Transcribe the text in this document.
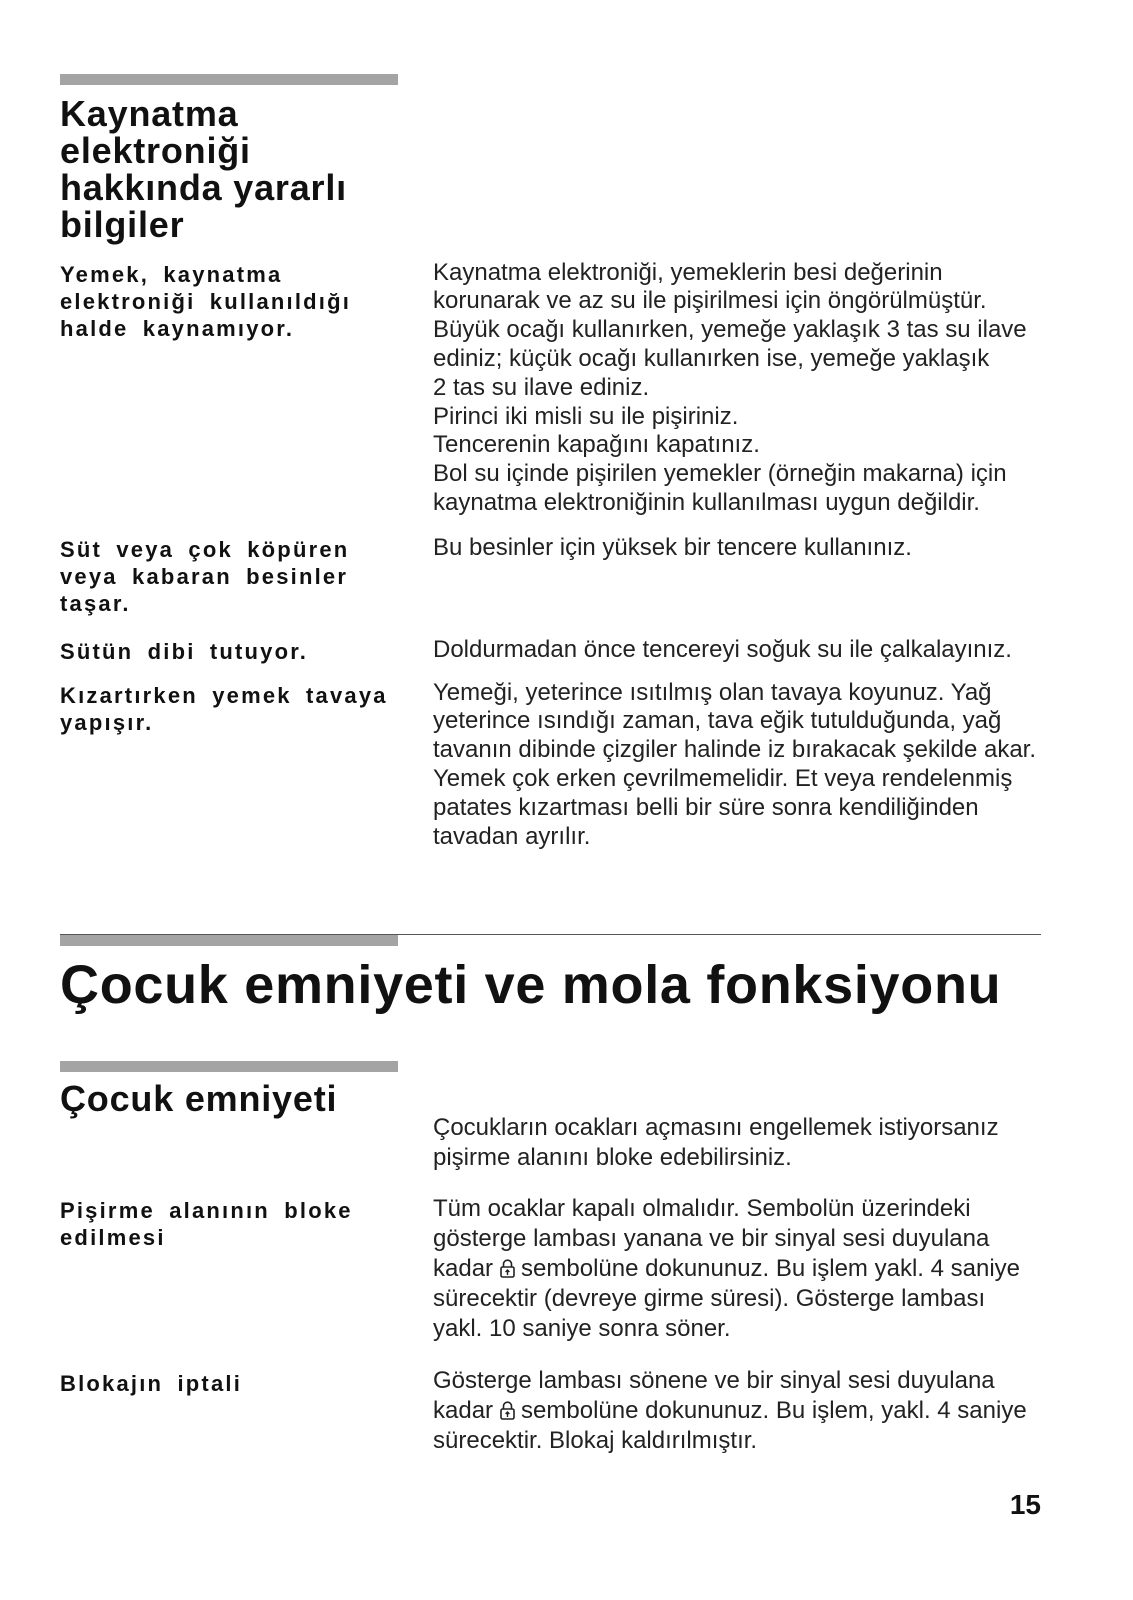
Kaynatma
elektroniği
hakkında yararlı
bilgiler
Yemek, kaynatma
elektroniği kullanıldığı
halde kaynamıyor.
Kaynatma elektroniği, yemeklerin besi değerinin
korunarak ve az su ile pişirilmesi için öngörülmüştür.
Büyük ocağı kullanırken, yemeğe yaklaşık 3 tas su ilave
ediniz; küçük ocağı kullanırken ise, yemeğe yaklaşık
2 tas su ilave ediniz.
Pirinci iki misli su ile pişiriniz.
Tencerenin kapağını kapatınız.
Bol su içinde pişirilen yemekler (örneğin makarna) için
kaynatma elektroniğinin kullanılması uygun değildir.
Süt veya çok köpüren
veya kabaran besinler
taşar.
Bu besinler için yüksek bir tencere kullanınız.
Sütün dibi tutuyor.	Doldurmadan önce tencereyi soğuk su ile çalkalayınız.
Kızartırken yemek tavaya
yapışır.
Yemeği, yeterince ısıtılmış olan tavaya koyunuz. Yağ
yeterince ısındığı zaman, tava eğik tutulduğunda, yağ
tavanın dibinde çizgiler halinde iz bırakacak şekilde akar.
Yemek çok erken çevrilmemelidir. Et veya rendelenmiş
patates kızartması belli bir süre sonra kendiliğinden
tavadan ayrılır.
Çocuk emniyeti ve mola fonksiyonu
Çocuk emniyeti
Çocukların ocakları açmasını engellemek istiyorsanız
pişirme alanını bloke edebilirsiniz.
Pişirme alanının bloke
edilmesi
Tüm ocaklar kapalı olmalıdır. Sembolün üzerindeki
gösterge lambası yanana ve bir sinyal sesi duyulana
kadar sembolüne dokununuz. Bu işlem yakl. 4 saniye
sürecektir (devreye girme süresi). Gösterge lambası
yakl. 10 saniye sonra söner.
Blokajın iptali	Gösterge lambası sönene ve bir sinyal sesi duyulana
kadar sembolüne dokununuz. Bu işlem, yakl. 4 saniye
sürecektir. Blokaj kaldırılmıştır.
15
